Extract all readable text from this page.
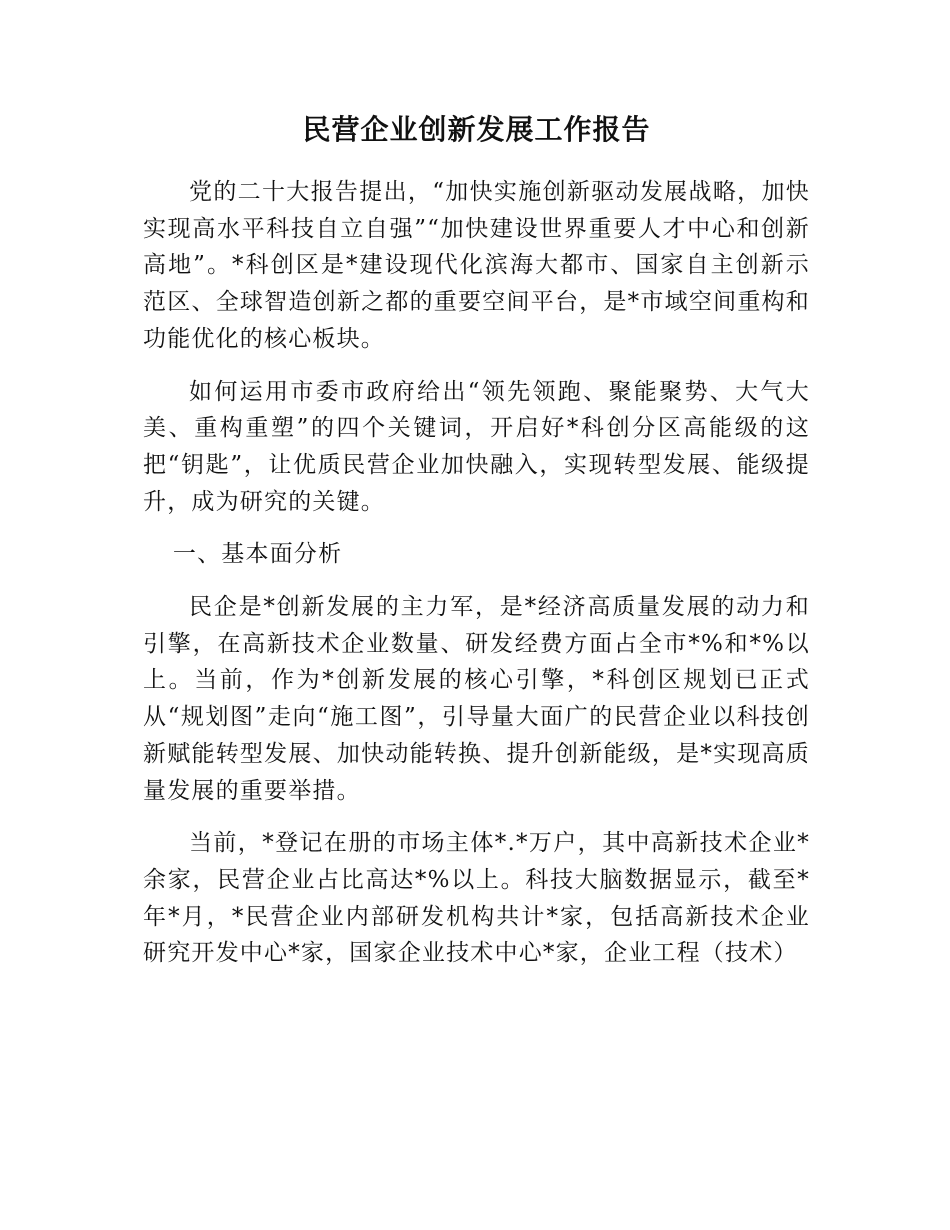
民营企业创新发展工作报告

党的二十大报告提出，“加快实施创新驱动发展战略，加快实现高水平科技自立自强”“加快建设世界重要人才中心和创新高地”。*科创区是*建设现代化滨海大都市、国家自主创新示范区、全球智造创新之都的重要空间平台，是*市域空间重构和功能优化的核心板块。

如何运用市委市政府给出“领先领跑、聚能聚势、大气大美、重构重塑”的四个关键词，开启好*科创分区高能级的这把“钥匙”，让优质民营企业加快融入，实现转型发展、能级提升，成为研究的关键。

一、基本面分析

民企是*创新发展的主力军，是*经济高质量发展的动力和引擎，在高新技术企业数量、研发经费方面占全市*%和*%以上。当前，作为*创新发展的核心引擎，*科创区规划已正式从“规划图”走向“施工图”，引导量大面广的民营企业以科技创新赋能转型发展、加快动能转换、提升创新能级，是*实现高质量发展的重要举措。

当前，*登记在册的市场主体*.*万户，其中高新技术企业*余家，民营企业占比高达*%以上。科技大脑数据显示，截至*年*月，*民营企业内部研发机构共计*家，包括高新技术企业研究开发中心*家，国家企业技术中心*家，企业工程（技术）
